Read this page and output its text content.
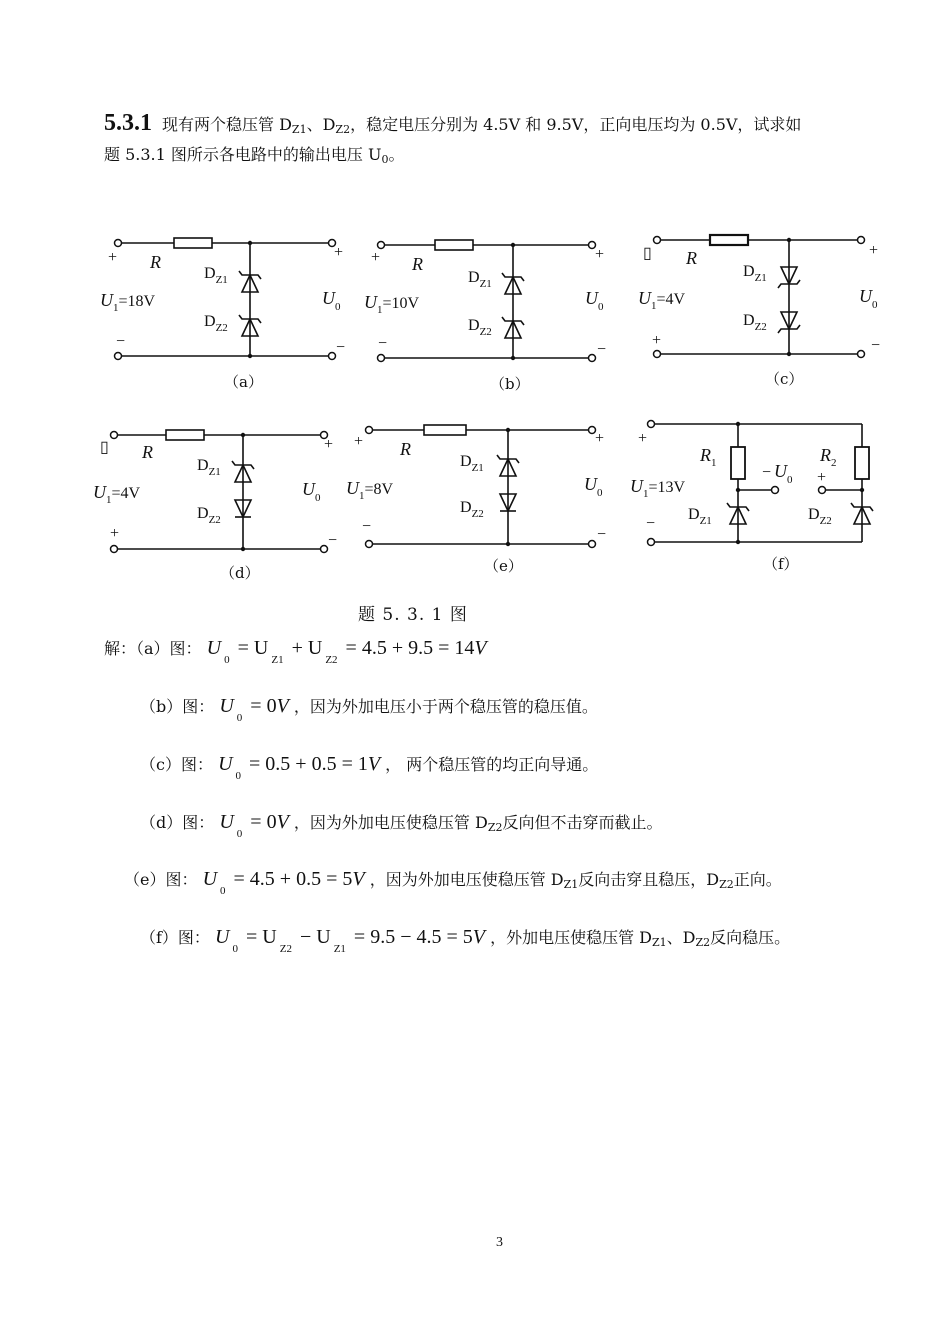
5.3.1 现有两个稳压管 $D_{Z1}$、$D_{Z2}$，稳定电压分别为 4.5V 和 9.5V，正向电压均为 0.5V，试求如
题 5.3.1 图所示各电路中的输出电压 $U_0$。
+	+
−	−
R
$D_{Z1}$
$D_{Z2}$
$U_1=18V$	$U_0$
（a）
+	+
−	−
R
$D_{Z1}$
$D_{Z2}$
$U_1=10V$	$U_0$
（b）
▯	+
+	−
R
$D_{Z1}$
$D_{Z2}$
$U_1=4V$	$U_0$
（c）
▯	+
+	−
R
$D_{Z1}$
$D_{Z2}$
$U_1=4V$	$U_0$
（d）
+	+
−	−
R
$D_{Z1}$
$D_{Z2}$
$U_1=8V$	$U_0$
（e）
+
−
$R_1$	$R_2$
− $U_0$ +
$U_1=13V$
$D_{Z1}$	$D_{Z2}$
（f）
题 5. 3. 1 图
解：（a）图： $U_0= U_{Z1}+ U_{Z2}= 4.5 + 9.5 = 14V$
（b）图： $U_0= 0V$ ，因为外加电压小于两个稳压管的稳压值。
（c）图： $U_0= 0.5 + 0.5 = 1V$ ， 两个稳压管的均正向导通。
（d）图： $U_0= 0V$ ，因为外加电压使稳压管 $D_{Z2}$反向但不击穿而截止。
（e）图： $U_0= 4.5 + 0.5 = 5V$ ，因为外加电压使稳压管 $D_{Z1}$反向击穿且稳压，$D_{Z2}$正向。
（f）图： $U_0= U_{Z2}- U_{Z1}= 9.5 - 4.5 = 5V$ ，外加电压使稳压管 $D_{Z1}$、$D_{Z2}$反向稳压。
3
